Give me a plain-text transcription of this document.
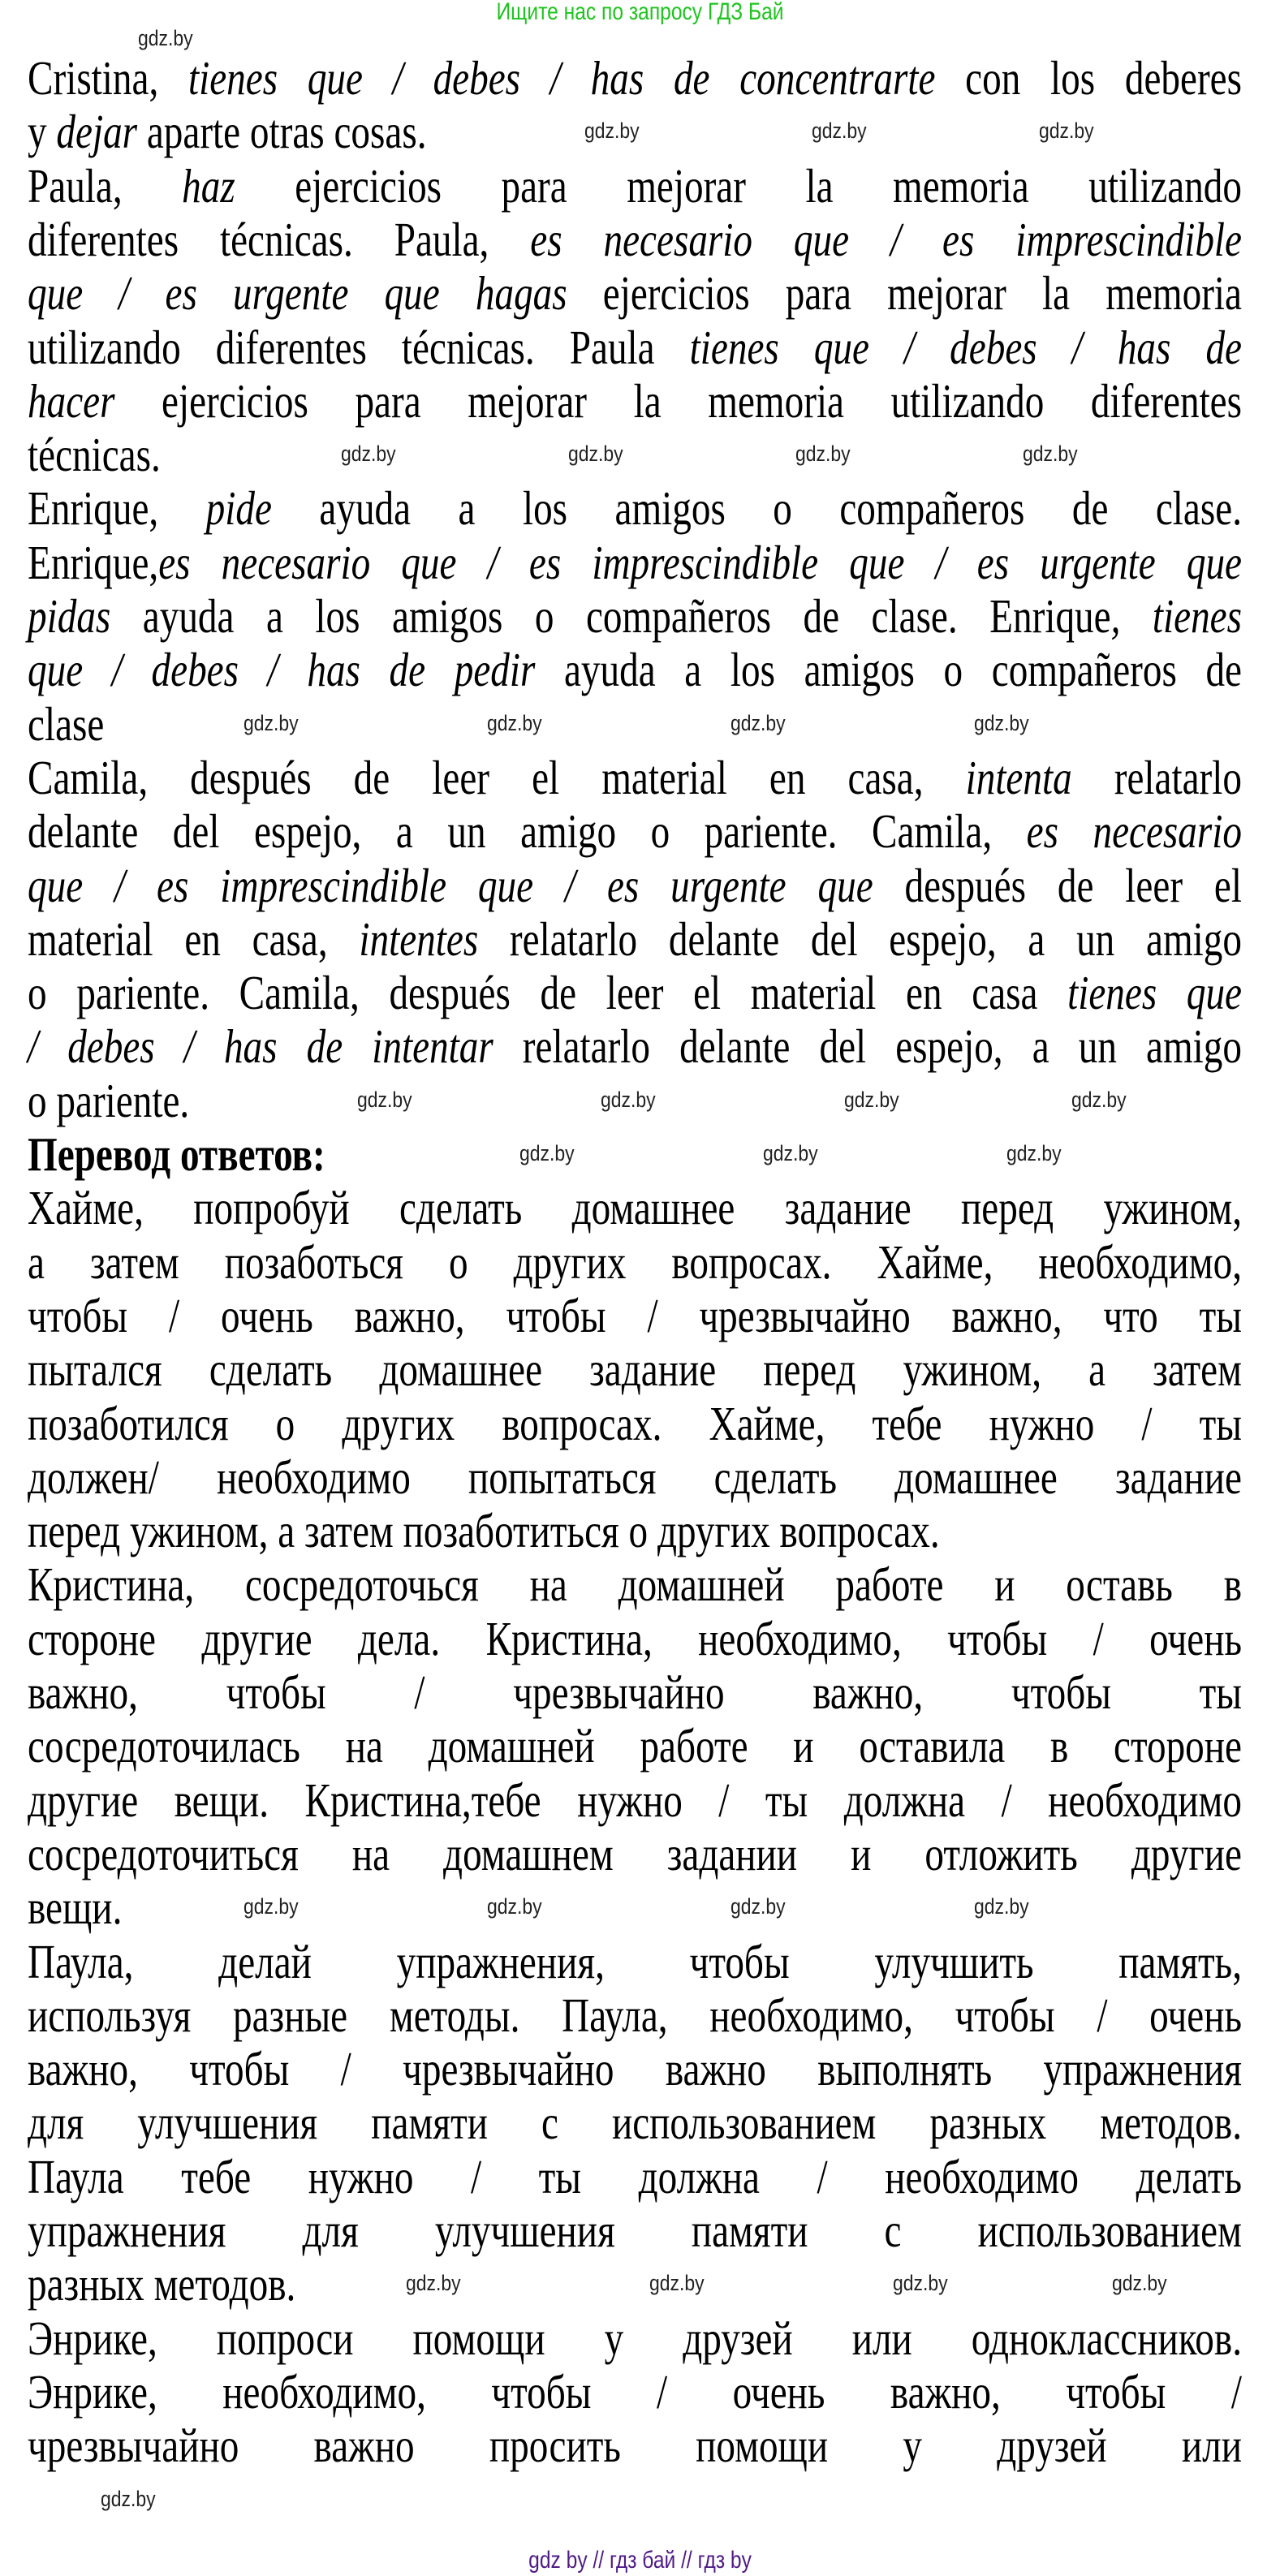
Ищите нас по запросу ГДЗ Бай
Cristina, tienes que / debes / has de concentrarte con los deberes
y dejar aparte otras cosas.
Paula, haz ejercicios para mejorar la memoria utilizando
diferentes técnicas. Paula, es necesario que / es imprescindible
que / es urgente que hagas ejercicios para mejorar la memoria
utilizando diferentes técnicas. Paula tienes que / debes / has de
hacer ejercicios para mejorar la memoria utilizando diferentes
técnicas.
Enrique, pide ayuda a los amigos o compañeros de clase.
Enrique,es necesario que / es imprescindible que / es urgente que
pidas ayuda a los amigos o compañeros de clase. Enrique, tienes
que / debes / has de pedir ayuda a los amigos o compañeros de
clase
Camila, después de leer el material en casa, intenta relatarlo
delante del espejo, a un amigo o pariente. Camila, es necesario
que / es imprescindible que / es urgente que después de leer el
material en casa, intentes relatarlo delante del espejo, a un amigo
o pariente. Camila, después de leer el material en casa tienes que
/ debes / has de intentar relatarlo delante del espejo, a un amigo
o pariente.
Перевод ответов:
Хайме, попробуй сделать домашнее задание перед ужином,
а затем позаботься о других вопросах. Хайме, необходимо,
чтобы / очень важно, чтобы / чрезвычайно важно, что ты
пытался сделать домашнее задание перед ужином, а затем
позаботился о других вопросах. Хайме, тебе нужно / ты
должен/ необходимо попытаться сделать домашнее задание
перед ужином, а затем позаботиться о других вопросах.
Кристина, сосредоточься на домашней работе и оставь в
стороне другие дела. Кристина, необходимо, чтобы / очень
важно, чтобы / чрезвычайно важно, чтобы ты
сосредоточилась на домашней работе и оставила в стороне
другие вещи. Кристина,тебе нужно / ты должна / необходимо
сосредоточиться на домашнем задании и отложить другие
вещи.
Паула, делай упражнения, чтобы улучшить память,
используя разные методы. Паула, необходимо, чтобы / очень
важно, чтобы / чрезвычайно важно выполнять упражнения
для улучшения памяти с использованием разных методов.
Паула тебе нужно / ты должна / необходимо делать
упражнения для улучшения памяти с использованием
разных методов.
Энрике, попроси помощи у друзей или одноклассников.
Энрике, необходимо, чтобы / очень важно, чтобы /
чрезвычайно важно просить помощи у друзей или
gdz.by
gdz.by	gdz.by	gdz.by
gdz.by	gdz.by	gdz.by	gdz.by
gdz.by	gdz.by	gdz.by	gdz.by
gdz.by	gdz.by	gdz.by	gdz.by
gdz.by	gdz.by	gdz.by
gdz.by	gdz.by	gdz.by	gdz.by
gdz.by	gdz.by	gdz.by	gdz.by
gdz.by
gdz by // гдз бай // гдз by
